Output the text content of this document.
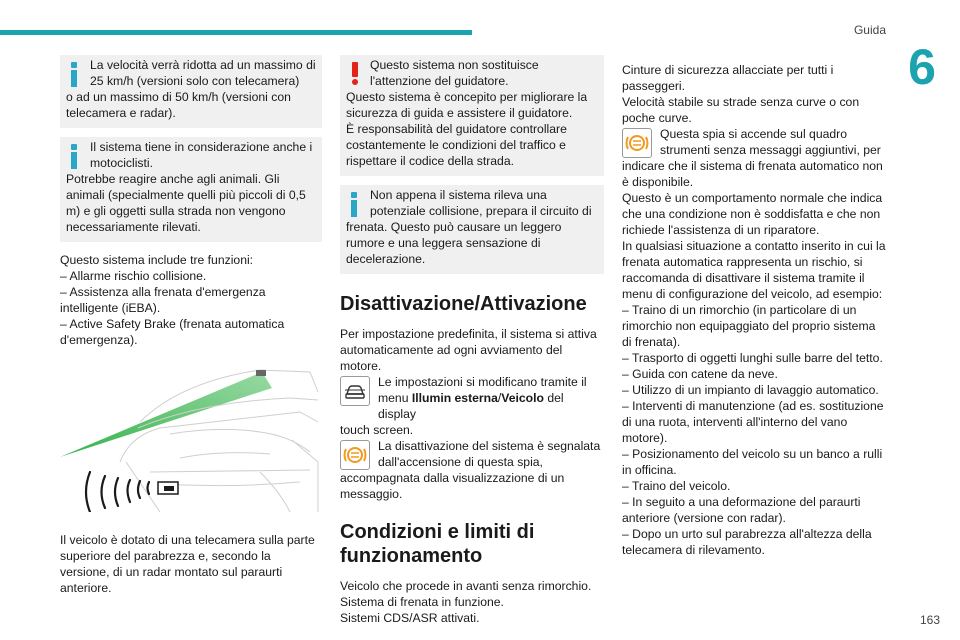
Guida
6
La velocità verrà ridotta ad un massimo di 25 km/h (versioni solo con telecamera)
o ad un massimo di 50 km/h (versioni con telecamera e radar).
Il sistema tiene in considerazione anche i motociclisti.
Potrebbe reagire anche agli animali. Gli animali (specialmente quelli più piccoli di 0,5 m) e gli oggetti sulla strada non vengono necessariamente rilevati.
Questo sistema include tre funzioni:
– Allarme rischio collisione.
– Assistenza alla frenata d'emergenza intelligente (iEBA).
– Active Safety Brake (frenata automatica d'emergenza).
Il veicolo è dotato di una telecamera sulla parte superiore del parabrezza e, secondo la versione, di un radar montato sul paraurti anteriore.
Questo sistema non sostituisce l'attenzione del guidatore.
Questo sistema è concepito per migliorare la sicurezza di guida e assistere il guidatore.
È responsabilità del guidatore controllare costantemente le condizioni del traffico e rispettare il codice della strada.
Non appena il sistema rileva una potenziale collisione, prepara il circuito di
frenata. Questo può causare un leggero rumore e una leggera sensazione di decelerazione.
Disattivazione/Attivazione
Per impostazione predefinita, il sistema si attiva automaticamente ad ogni avviamento del motore.
Le impostazioni si modificano tramite il menu Illumin esterna/Veicolo del display
touch screen.
La disattivazione del sistema è segnalata dall'accensione di questa spia,
accompagnata dalla visualizzazione di un messaggio.
Condizioni e limiti di funzionamento
Veicolo che procede in avanti senza rimorchio.
Sistema di frenata in funzione.
Sistemi CDS/ASR attivati.
Cinture di sicurezza allacciate per tutti i passeggeri.
Velocità stabile su strade senza curve o con poche curve.
Questa spia si accende sul quadro strumenti senza messaggi aggiuntivi, per
indicare che il sistema di frenata automatico non è disponibile.
Questo è un comportamento normale che indica che una condizione non è soddisfatta e che non richiede l'assistenza di un riparatore.
In qualsiasi situazione a contatto inserito in cui la frenata automatica rappresenta un rischio, si raccomanda di disattivare il sistema tramite il menu di configurazione del veicolo, ad esempio:
– Traino di un rimorchio (in particolare di un rimorchio non equipaggiato del proprio sistema di frenata).
– Trasporto di oggetti lunghi sulle barre del tetto.
– Guida con catene da neve.
– Utilizzo di un impianto di lavaggio automatico.
– Interventi di manutenzione (ad es. sostituzione di una ruota, interventi all'interno del vano motore).
– Posizionamento del veicolo su un banco a rulli in officina.
– Traino del veicolo.
– In seguito a una deformazione del paraurti anteriore (versione con radar).
– Dopo un urto sul parabrezza all'altezza della telecamera di rilevamento.
163
